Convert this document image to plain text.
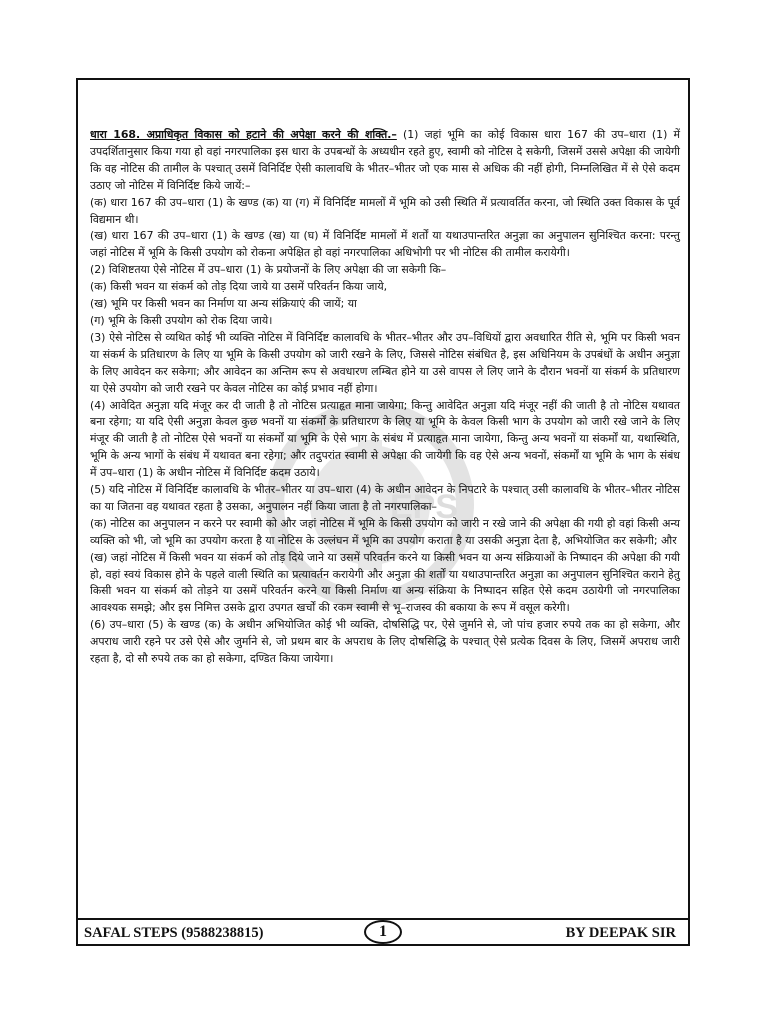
EPS

धारा 168. अप्राधिकृत विकास को हटाने की अपेक्षा करने की शक्ति.– (1) जहां भूमि का कोई विकास धारा 167 की उप–धारा (1) में उपदर्शितानुसार किया गया हो वहां नगरपालिका इस धारा के उपबन्धों के अध्यधीन रहते हुए, स्वामी को नोटिस दे सकेगी, जिसमें उससे अपेक्षा की जायेगी कि वह नोटिस की तामील के पश्चात् उसमें विनिर्दिष्ट ऐसी कालावधि के भीतर–भीतर जो एक मास से अधिक की नहीं होगी, निम्नलिखित में से ऐसे कदम उठाए जो नोटिस में विनिर्दिष्ट किये जायें:–

(क) धारा 167 की उप–धारा (1) के खण्ड (क) या (ग) में विनिर्दिष्ट मामलों में भूमि को उसी स्थिति में प्रत्यावर्तित करना, जो स्थिति उक्त विकास के पूर्व विद्यमान थी।

(ख) धारा 167 की उप–धारा (1) के खण्ड (ख) या (घ) में विनिर्दिष्ट मामलों में शर्तों या यथाउपान्तरित अनुज्ञा का अनुपालन सुनिश्चित करना: परन्तु जहां नोटिस में भूमि के किसी उपयोग को रोकना अपेक्षित हो वहां नगरपालिका अधिभोगी पर भी नोटिस की तामील करायेगी।

(2) विशिष्टतया ऐसे नोटिस में उप–धारा (1) के प्रयोजनों के लिए अपेक्षा की जा सकेगी कि–

(क) किसी भवन या संकर्म को तोड़ दिया जाये या उसमें परिवर्तन किया जाये,

(ख) भूमि पर किसी भवन का निर्माण या अन्य संक्रियाएं की जायें; या

(ग) भूमि के किसी उपयोग को रोक दिया जाये।

(3) ऐसे नोटिस से व्यथित कोई भी व्यक्ति नोटिस में विनिर्दिष्ट कालावधि के भीतर–भीतर और उप–विधियों द्वारा अवधारित रीति से, भूमि पर किसी भवन या संकर्म के प्रतिधारण के लिए या भूमि के किसी उपयोग को जारी रखने के लिए, जिससे नोटिस संबंधित है, इस अधिनियम के उपबंधों के अधीन अनुज्ञा के लिए आवेदन कर सकेगा; और आवेदन का अन्तिम रूप से अवधारण लम्बित होने या उसे वापस ले लिए जाने के दौरान भवनों या संकर्म के प्रतिधारण या ऐसे उपयोग को जारी रखने पर केवल नोटिस का कोई प्रभाव नहीं होगा।

(4) आवेदित अनुज्ञा यदि मंजूर कर दी जाती है तो नोटिस प्रत्याहृत माना जायेगा; किन्तु आवेदित अनुज्ञा यदि मंजूर नहीं की जाती है तो नोटिस यथावत बना रहेगा; या यदि ऐसी अनुज्ञा केवल कुछ भवनों या संकर्मों के प्रतिधारण के लिए या भूमि के केवल किसी भाग के उपयोग को जारी रखे जाने के लिए मंजूर की जाती है तो नोटिस ऐसे भवनों या संकर्मों या भूमि के ऐसे भाग के संबंध में प्रत्याहृत माना जायेगा, किन्तु अन्य भवनों या संकर्मों या, यथास्थिति, भूमि के अन्य भागों के संबंध में यथावत बना रहेगा; और तदुपरांत स्वामी से अपेक्षा की जायेगी कि वह ऐसे अन्य भवनों, संकर्मों या भूमि के भाग के संबंध में उप–धारा (1) के अधीन नोटिस में विनिर्दिष्ट कदम उठाये।

(5) यदि नोटिस में विनिर्दिष्ट कालावधि के भीतर–भीतर या उप–धारा (4) के अधीन आवेदन के निपटारे के पश्चात् उसी कालावधि के भीतर–भीतर नोटिस का या जितना वह यथावत रहता है उसका, अनुपालन नहीं किया जाता है तो नगरपालिका–

(क) नोटिस का अनुपालन न करने पर स्वामी को और जहां नोटिस में भूमि के किसी उपयोग को जारी न रखे जाने की अपेक्षा की गयी हो वहां किसी अन्य व्यक्ति को भी, जो भूमि का उपयोग करता है या नोटिस के उल्लंघन में भूमि का उपयोग कराता है या उसकी अनुज्ञा देता है, अभियोजित कर सकेगी; और

(ख) जहां नोटिस में किसी भवन या संकर्म को तोड़ दिये जाने या उसमें परिवर्तन करने या किसी भवन या अन्य संक्रियाओं के निष्पादन की अपेक्षा की गयी हो, वहां स्वयं विकास होने के पहले वाली स्थिति का प्रत्यावर्तन करायेगी और अनुज्ञा की शर्तों या यथाउपान्तरित अनुज्ञा का अनुपालन सुनिश्चित कराने हेतु किसी भवन या संकर्म को तोड़ने या उसमें परिवर्तन करने या किसी निर्माण या अन्य संक्रिया के निष्पादन सहित ऐसे कदम उठायेगी जो नगरपालिका आवश्यक समझे; और इस निमित्त उसके द्वारा उपगत खर्चों की रकम स्वामी से भू–राजस्व की बकाया के रूप में वसूल करेगी।

(6) उप–धारा (5) के खण्ड (क) के अधीन अभियोजित कोई भी व्यक्ति, दोषसिद्धि पर, ऐसे जुर्माने से, जो पांच हजार रुपये तक का हो सकेगा, और अपराध जारी रहने पर उसे ऐसे और जुर्माने से, जो प्रथम बार के अपराध के लिए दोषसिद्धि के पश्चात् ऐसे प्रत्येक दिवस के लिए, जिसमें अपराध जारी रहता है, दो सौ रुपये तक का हो सकेगा, दण्डित किया जायेगा।

SAFAL STEPS (9588238815)	1	BY DEEPAK SIR
